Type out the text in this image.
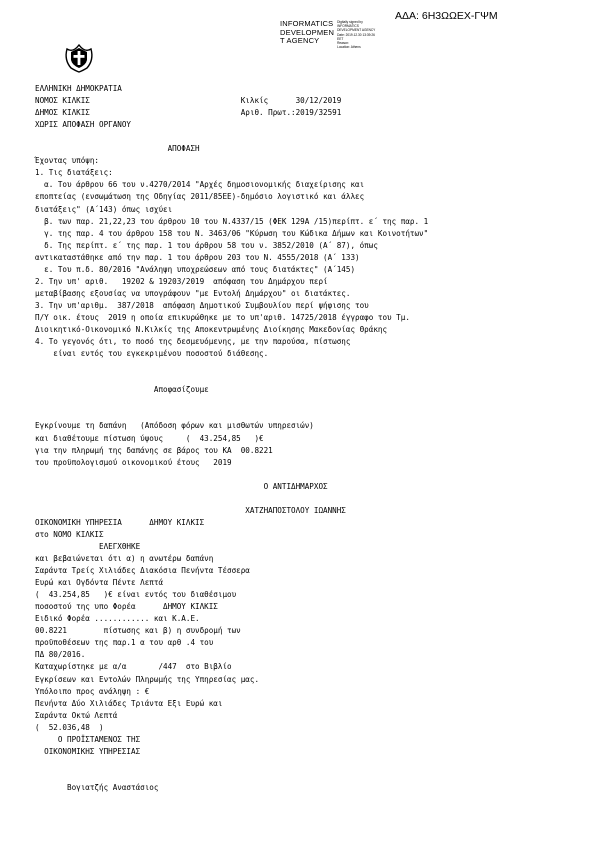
ΑΔΑ: 6Η3ΩΩΕΧ-ΓΨΜ
INFORMATICS
DEVELOPMEN
T AGENCY
Digitally signed by
INFORMATICS
DEVELOPMENT AGENCY
Date: 2019.12.30 13:39:26
EET
Reason:
Location: Athens
ΕΛΛΗΝΙΚΗ ΔΗΜΟΚΡΑΤΙΑ
ΝΟΜΟΣ ΚΙΛΚΙΣ                                 Κιλκίς      30/12/2019
ΔΗΜΟΣ ΚΙΛΚΙΣ                                 Αριθ. Πρωτ.:2019/32591
ΧΩΡΙΣ ΑΠΟΦΑΣΗ ΟΡΓΑΝΟΥ
ΑΠΟΦΑΣΗ
Έχοντας υπόψη:
1. Τις διατάξεις:
α. Του άρθρου 66 του ν.4270/2014 "Αρχές δημοσιονομικής διαχείρισης και
εποπτείας (ενσωμάτωση της Οδηγίας 2011/85ΕΕ)-δημόσιο λογιστικό και άλλες
διατάξεις" (Α΄143) όπως ισχύει
β. των παρ. 21,22,23 του άρθρου 10 του Ν.4337/15 (ΦΕΚ 129Α /15)περίπτ. ε΄ της παρ. 1
γ. της παρ. 4 του άρθρου 158 του Ν. 3463/06 "Κύρωση του Κώδικα Δήμων και Κοινοτήτων"
δ. Της περίπτ. ε΄ της παρ. 1 του άρθρου 58 του ν. 3852/2010 (Α΄ 87), όπως
αντικαταστάθηκε από την παρ. 1 του άρθρου 203 του Ν. 4555/2018 (Α΄ 133)
ε. Του π.δ. 80/2016 "Ανάληψη υποχρεώσεων από τους διατάκτες" (Α΄145)
2. Την υπ' αριθ.   19202 & 19203/2019  απόφαση του Δημάρχου περί
μεταβίβασης εξουσίας να υπογράφουν "με Εντολή Δημάρχου" οι διατάκτες.
3. Την υπ'αριθμ.  387/2018  απόφαση Δημοτικού Συμβουλίου περί ψήφισης του
Π/Υ οικ. έτους  2019 η οποία επικυρώθηκε με το υπ'αριθ. 14725/2018 έγγραφο του Τμ.
Διοικητικό-Οικονομικό Ν.Κιλκίς της Αποκεντρωμένης Διοίκησης Μακεδονίας Θράκης
4. Το γεγονός ότι, το ποσό της δεσμευόμενης, με την παρούσα, πίστωσης
είναι εντός του εγκεκριμένου ποσοστού διάθεσης.
Αποφασίζουμε
Εγκρίνουμε τη δαπάνη   (Απόδοση φόρων και μισθωτών υπηρεσιών)
και διαθέτουμε πίστωση ύψους     (  43.254,85   )€
για την πληρωμή της δαπάνης σε βάρος του ΚΑ  00.8221
του προϋπολογισμού οικονομικού έτους   2019
Ο ΑΝΤΙΔΗΜΑΡΧΟΣ
ΧΑΤΖΗΑΠΟΣΤΟΛΟΥ ΙΩΑΝΝΗΣ
ΟΙΚΟΝΟΜΙΚΗ ΥΠΗΡΕΣΙΑ      ΔΗΜΟΥ ΚΙΛΚΙΣ
στο ΝΟΜΟ ΚΙΛΚΙΣ
ΕΛΕΓΧΘΗΚΕ
και βεβαιώνεται ότι α) η ανωτέρω δαπάνη
Σαράντα Τρείς Χιλιάδες Διακόσια Πενήντα Τέσσερα
Ευρώ και Ογδόντα Πέντε Λεπτά
(  43.254,85   )€ είναι εντός του διαθέσιμου
ποσοστού της υπο Φορέα      ΔΗΜΟΥ ΚΙΛΚΙΣ
Ειδικό Φορέα ............ και Κ.Α.Ε.
00.8221        πίστωσης και β) η συνδρομή των
προϋποθέσεων της παρ.1 α του αρθ .4 του
ΠΔ 80/2016.
Καταχωρίστηκε με α/α       /447  στο Βιβλίο
Εγκρίσεων και Εντολών Πληρωμής της Υπηρεσίας μας.
Υπόλοιπο προς ανάληψη : €
Πενήντα Δύο Χιλιάδες Τριάντα Εξι Ευρώ και
Σαράντα Οκτώ Λεπτά
(  52.036,48  )
Ο ΠΡΟΪΣΤΑΜΕΝΟΣ ΤΗΣ
ΟΙΚΟΝΟΜΙΚΗΣ ΥΠΗΡΕΣΙΑΣ
Βογιατζής Αναστάσιος
